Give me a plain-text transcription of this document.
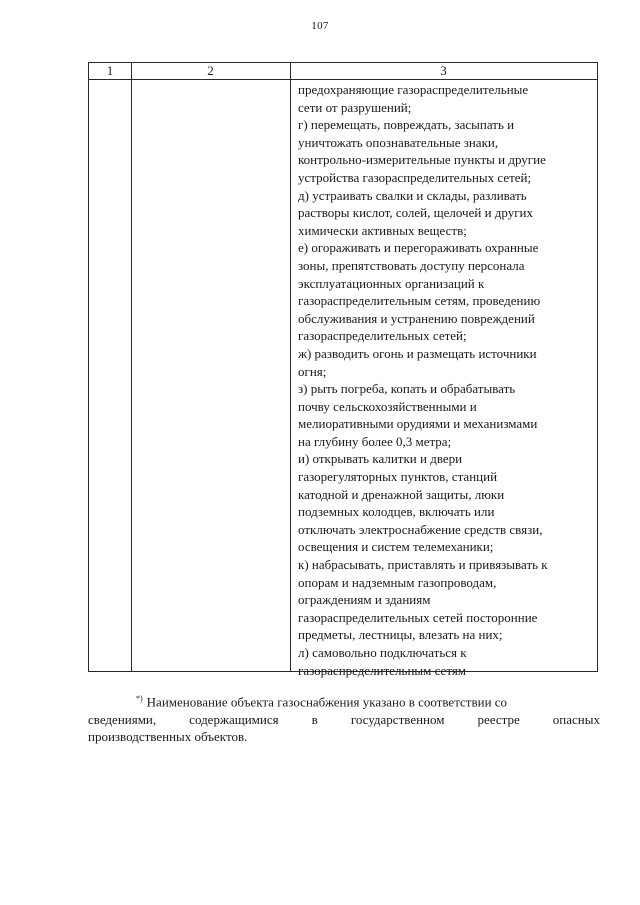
107
1	2	3
предохраняющие газораспределительные
сети от разрушений;
г) перемещать, повреждать, засыпать и
уничтожать опознавательные знаки,
контрольно-измерительные пункты и другие
устройства газораспределительных сетей;
д) устраивать свалки и склады, разливать
растворы кислот, солей, щелочей и других
химически активных веществ;
е) огораживать и перегораживать охранные
зоны, препятствовать доступу персонала
эксплуатационных организаций к
газораспределительным сетям, проведению
обслуживания и устранению повреждений
газораспределительных сетей;
ж) разводить огонь и размещать источники
огня;
з) рыть погреба, копать и обрабатывать
почву сельскохозяйственными и
мелиоративными орудиями и механизмами
на глубину более 0,3 метра;
и) открывать калитки и двери
газорегуляторных пунктов, станций
катодной и дренажной защиты, люки
подземных колодцев, включать или
отключать электроснабжение средств связи,
освещения и систем телемеханики;
к) набрасывать, приставлять и привязывать к
опорам и надземным газопроводам,
ограждениям и зданиям
газораспределительных сетей посторонние
предметы, лестницы, влезать на них;
л) самовольно подключаться к
газораспределительным сетям
*) Наименование объекта газоснабжения указано в соответствии со
сведениями, содержащимися в государственном реестре опасных
производственных объектов.
